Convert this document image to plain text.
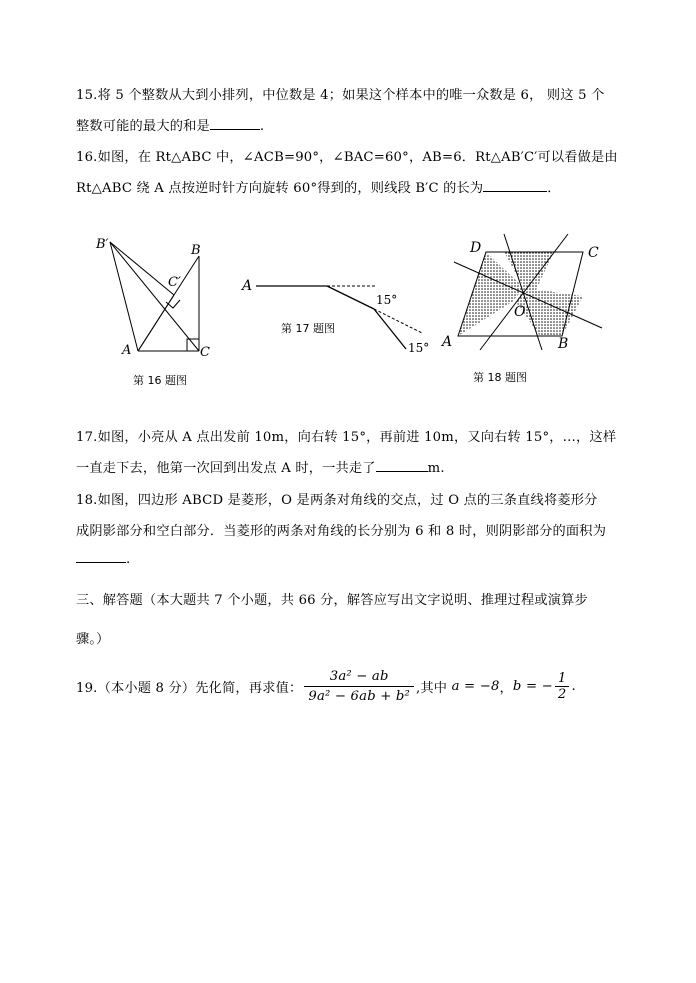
15.将 5 个整数从大到小排列，中位数是 4；如果这个样本中的唯一众数是 6， 则这 5 个
整数可能的最大的和是	.
16.如图，在 Rt△ABC 中，∠ACB=90°，∠BAC=60°，AB=6．Rt△AB′C′可以看做是由
Rt△ABC 绕 A 点按逆时针方向旋转 60°得到的，则线段 B′C 的长为	．
B′	B
C′
A	C
第 16 题图
A
15°
15°
第 17 题图
D	C
O
A	B
第 18 题图
17.如图，小亮从 A 点出发前 10m，向右转 15°，再前进 10m，又向右转 15°，…，这样
一直走下去，他第一次回到出发点 A 时，一共走了	m.
18.如图，四边形 ABCD 是菱形，O 是两条对角线的交点，过 O 点的三条直线将菱形分
成阴影部分和空白部分．当菱形的两条对角线的长分别为 6 和 8 时，则阴影部分的面积为
.
三、解答题（本大题共 7 个小题，共 66 分，解答应写出文字说明、推理过程或演算步
骤。）
19.（本小题 8 分）先化简，再求值： $\frac{\text{3a² − ab}}{\text{9a² − 6ab + b²}}$ ,其中 a = −8，b = − $\frac{1}{2}$ .
